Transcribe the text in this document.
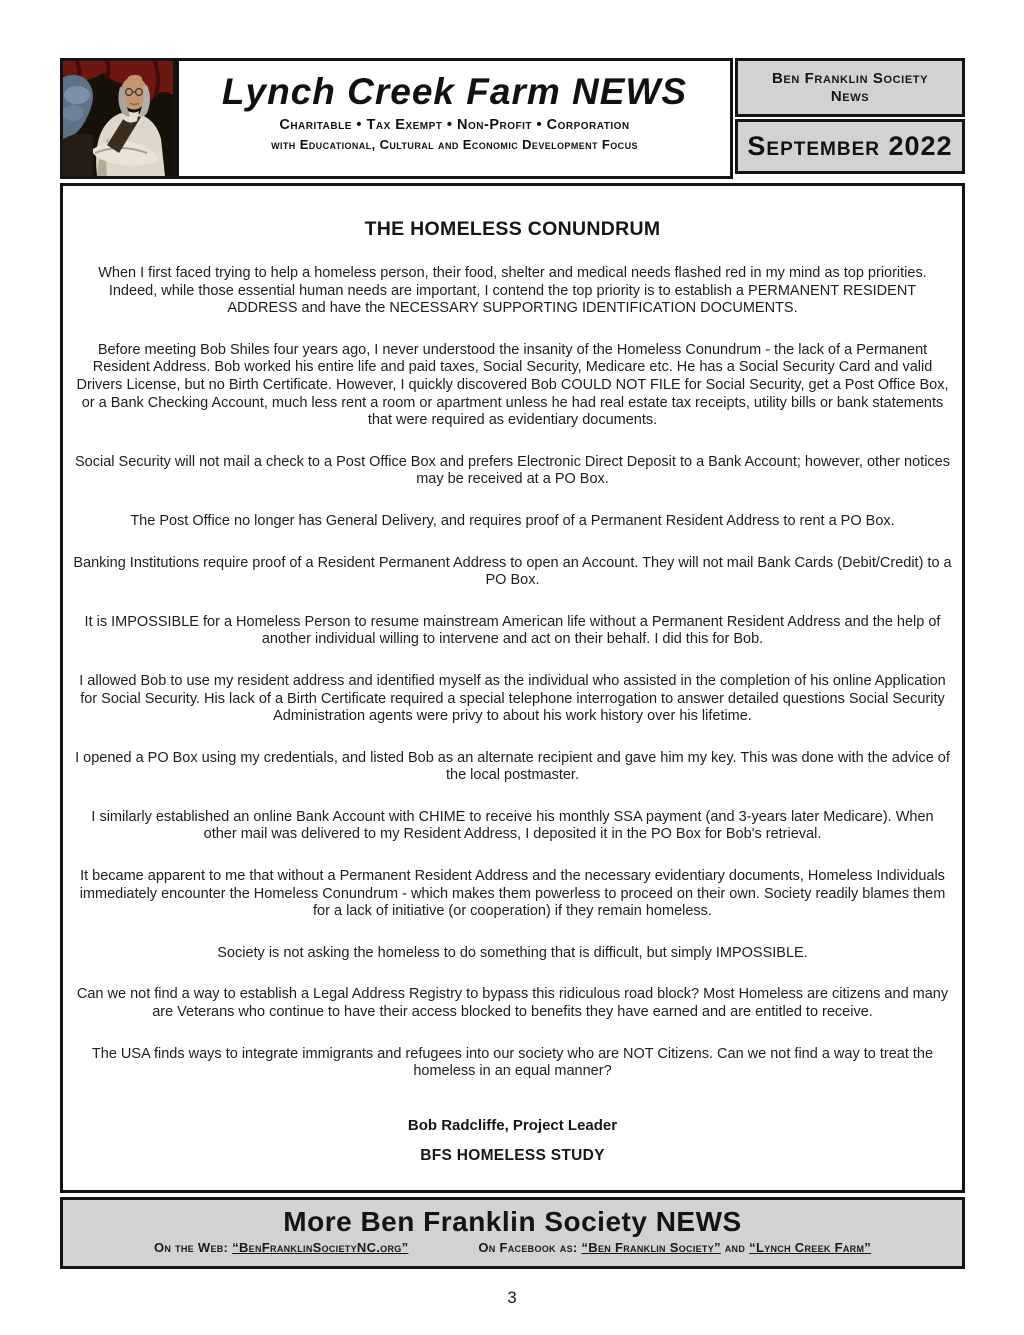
Lynch Creek Farm NEWS
Charitable • Tax Exempt • Non-Profit • Corporation
with Educational, Cultural and Economic Development Focus
Ben Franklin Society
News
September 2022
THE HOMELESS CONUNDRUM

When I first faced trying to help a homeless person, their food, shelter and medical needs flashed red in my mind as top priorities. Indeed, while those essential human needs are important, I contend the top priority is to establish a PERMANENT RESIDENT ADDRESS and have the NECESSARY SUPPORTING IDENTIFICATION DOCUMENTS.

Before meeting Bob Shiles four years ago, I never understood the insanity of the Homeless Conundrum - the lack of a Permanent Resident Address. Bob worked his entire life and paid taxes, Social Security, Medicare etc. He has a Social Security Card and valid Drivers License, but no Birth Certificate. However, I quickly discovered Bob COULD NOT FILE for Social Security, get a Post Office Box, or a Bank Checking Account, much less rent a room or apartment unless he had real estate tax receipts, utility bills or bank statements that were required as evidentiary documents.

Social Security will not mail a check to a Post Office Box and prefers Electronic Direct Deposit to a Bank Account; however, other notices may be received at a PO Box.

The Post Office no longer has General Delivery, and requires proof of a Permanent Resident Address to rent a PO Box.

Banking Institutions require proof of a Resident Permanent Address to open an Account. They will not mail Bank Cards (Debit/Credit) to a PO Box.

It is IMPOSSIBLE for a Homeless Person to resume mainstream American life without a Permanent Resident Address and the help of another individual willing to intervene and act on their behalf. I did this for Bob.

I allowed Bob to use my resident address and identified myself as the individual who assisted in the completion of his online Application for Social Security. His lack of a Birth Certificate required a special telephone interrogation to answer detailed questions Social Security Administration agents were privy to about his work history over his lifetime.

I opened a PO Box using my credentials, and listed Bob as an alternate recipient and gave him my key. This was done with the advice of the local postmaster.

I similarly established an online Bank Account with CHIME to receive his monthly SSA payment (and 3-years later Medicare). When other mail was delivered to my Resident Address, I deposited it in the PO Box for Bob's retrieval.

It became apparent to me that without a Permanent Resident Address and the necessary evidentiary documents, Homeless Individuals immediately encounter the Homeless Conundrum - which makes them powerless to proceed on their own. Society readily blames them for a lack of initiative (or cooperation) if they remain homeless.

Society is not asking the homeless to do something that is difficult, but simply IMPOSSIBLE.

Can we not find a way to establish a Legal Address Registry to bypass this ridiculous road block? Most Homeless are citizens and many are Veterans who continue to have their access blocked to benefits they have earned and are entitled to receive.

The USA finds ways to integrate immigrants and refugees into our society who are NOT Citizens. Can we not find a way to treat the homeless in an equal manner?

Bob Radcliffe, Project Leader

BFS HOMELESS STUDY

More Ben Franklin Society NEWS
On the Web: “BenFranklinSocietyNC.org”	On Facebook as: “Ben Franklin Society” and “Lynch Creek Farm”
3
